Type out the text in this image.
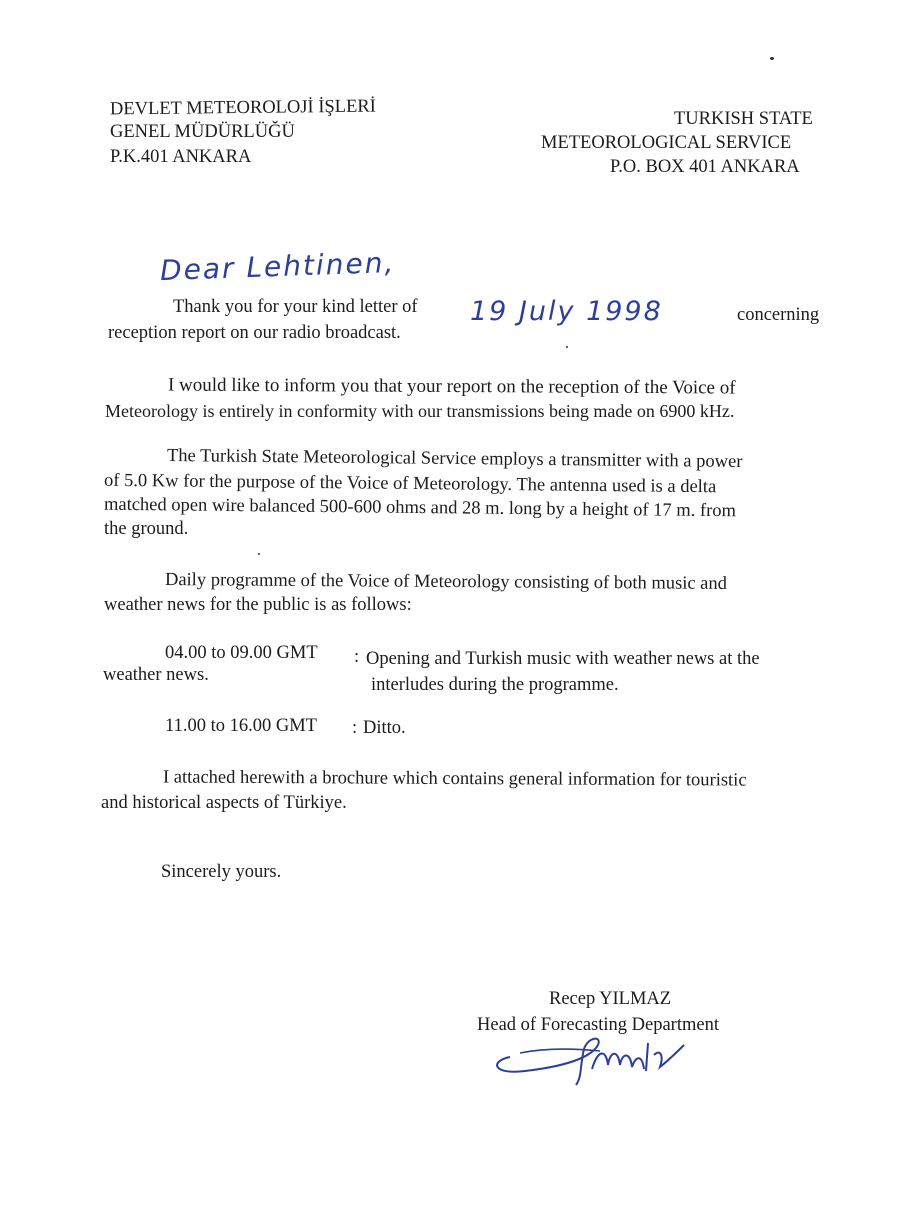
DEVLET METEOROLOJİ İŞLERİ
GENEL MÜDÜRLÜĞÜ
P.K.401 ANKARA
TURKISH STATE
METEOROLOGICAL SERVICE
P.O. BOX 401 ANKARA
Dear Lehtinen,
Thank you for your kind letter of 19 July 1998	concerning
reception report on our radio broadcast.
I would like to inform you that your report on the reception of the Voice of
Meteorology is entirely in conformity with our transmissions being made on 6900 kHz.
The Turkish State Meteorological Service employs a transmitter with a power
of 5.0 Kw for the purpose of the Voice of Meteorology. The antenna used is a delta
matched open wire balanced 500-600 ohms and 28 m. long by a height of 17 m. from
the ground.
Daily programme of the Voice of Meteorology consisting of both music and
weather news for the public is as follows:
04.00 to 09.00 GMT : Opening and Turkish music with weather news at the
weather news.	interludes during the programme.
11.00 to 16.00 GMT : Ditto.
I attached herewith a brochure which contains general information for touristic
and historical aspects of Türkiye.
Sincerely yours.
Recep YILMAZ
Head of Forecasting Department
